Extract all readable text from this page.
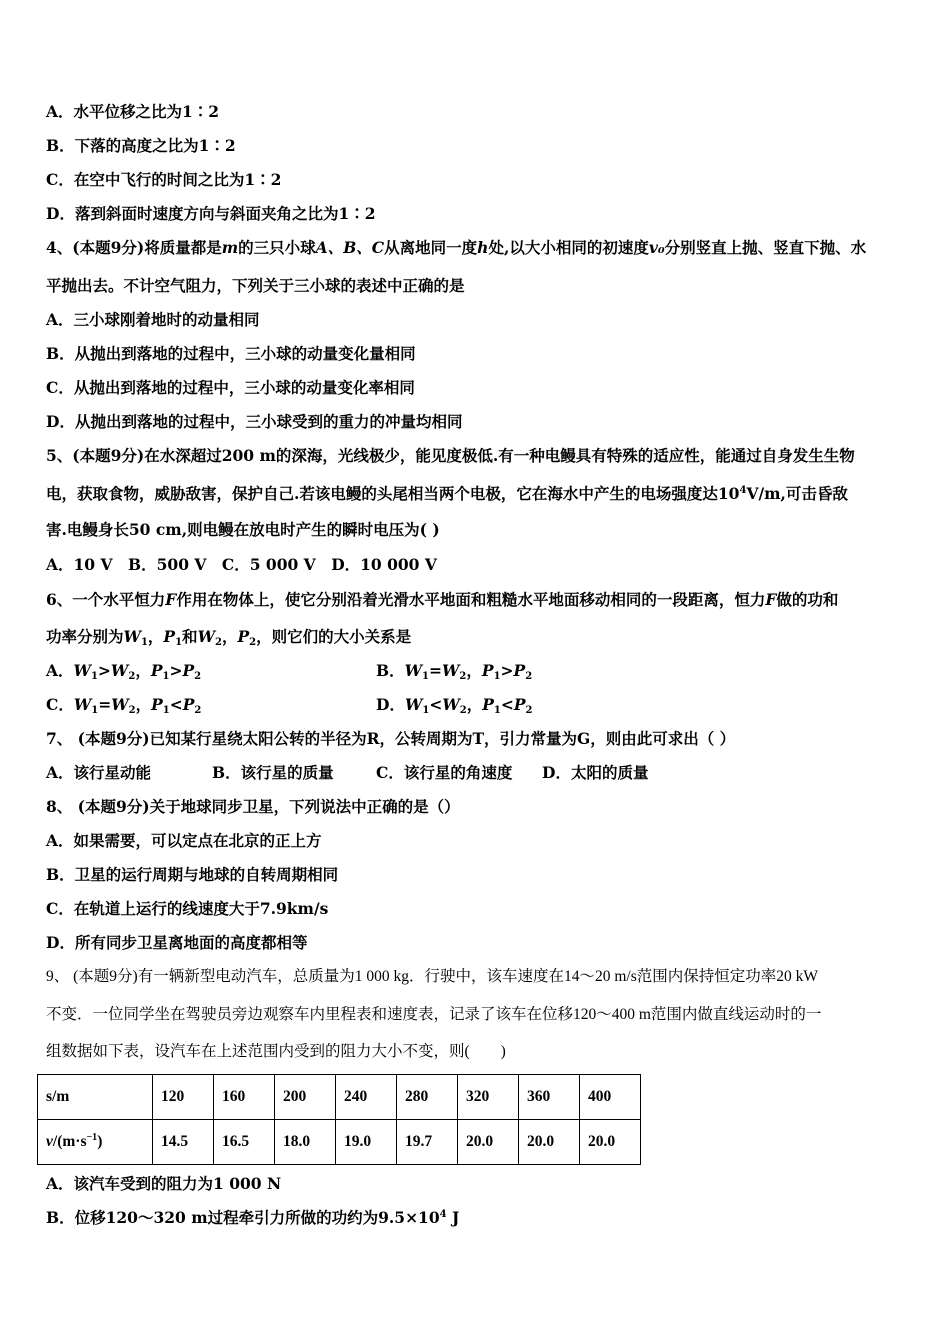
A．水平位移之比为1∶2
B．下落的高度之比为1∶2
C．在空中飞行的时间之比为1∶2
D．落到斜面时速度方向与斜面夹角之比为1∶2
4、(本题9分)将质量都是m的三只小球A、B、C从离地同一度h处,以大小相同的初速度v₀分别竖直上抛、竖直下抛、水
平抛出去。不计空气阻力，下列关于三小球的表述中正确的是
A．三小球刚着地时的动量相同
B．从抛出到落地的过程中，三小球的动量变化量相同
C．从抛出到落地的过程中，三小球的动量变化率相同
D．从抛出到落地的过程中，三小球受到的重力的冲量均相同
5、(本题9分)在水深超过200 m的深海，光线极少，能见度极低.有一种电鳗具有特殊的适应性，能通过自身发生生物
电，获取食物，威胁敌害，保护自己.若该电鳗的头尾相当两个电极，它在海水中产生的电场强度达$10^4V/m$,可击昏敌
害.电鳗身长50 cm,则电鳗在放电时产生的瞬时电压为( )
A．10 V　B．500 V　C．5 000 V　D．10 000 V
6、一个水平恒力F作用在物体上，使它分别沿着光滑水平地面和粗糙水平地面移动相同的一段距离，恒力F做的功和
功率分别为$W_1$，$P_1$和$W_2$，$P_2$，则它们的大小关系是
A．$W_1>W_2$，$P_1>P_2$	B．$W_1=W_2$，$P_1>P_2$
C．$W_1=W_2$，$P_1<P_2$	D．$W_1<W_2$，$P_1<P_2$
7、 (本题9分)已知某行星绕太阳公转的半径为R，公转周期为T，引力常量为G，则由此可求出（ ）
A．该行星动能	B．该行星的质量	C．该行星的角速度 D．太阳的质量
8、 (本题9分)关于地球同步卫星，下列说法中正确的是（）
A．如果需要，可以定点在北京的正上方
B．卫星的运行周期与地球的自转周期相同
C．在轨道上运行的线速度大于7.9km/s
D．所有同步卫星离地面的高度都相等
9、 (本题9分)有一辆新型电动汽车，总质量为1 000 kg．行驶中，该车速度在14～20 m/s范围内保持恒定功率20 kW
不变．一位同学坐在驾驶员旁边观察车内里程表和速度表，记录了该车在位移120～400 m范围内做直线运动时的一
组数据如下表，设汽车在上述范围内受到的阻力大小不变，则(　　)
s/m	120	160	200	240	280	320	360	400
$v/(m\cdot s^{-1})$	14.5	16.5	18.0	19.0	19.7	20.0	20.0	20.0
A．该汽车受到的阻力为1 000 N
B．位移120～320 m过程牵引力所做的功约为$9.5\times 10^4$ J
